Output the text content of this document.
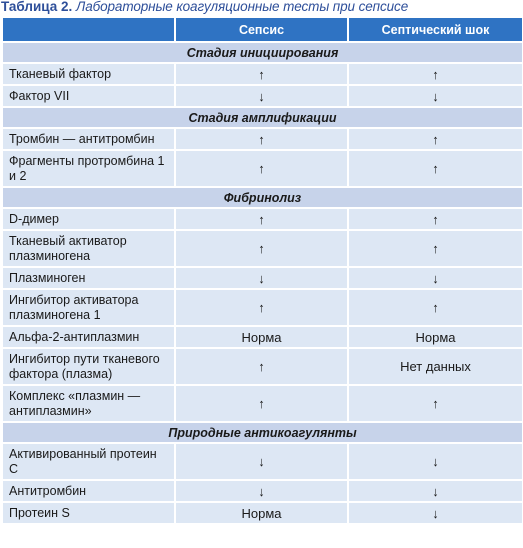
Таблица 2. Лабораторные коагуляционные тесты при сепсисе
	Сепсис	Септический шок
Стадия инициирования		
Тканевый фактор	↑	↑
Фактор VII	↓	↓
Стадия амплификации		
Тромбин — антитромбин	↑	↑
Фрагменты протромбина 1 и 2	↑	↑
Фибринолиз		
D-димер	↑	↑
Тканевый активатор плазминогена	↑	↑
Плазминоген	↓	↓
Ингибитор активатора плазминогена 1	↑	↑
Альфа-2-антиплазмин	Норма	Норма
Ингибитор пути тканевого фактора (плазма)	↑	Нет данных
Комплекс «плазмин — антиплазмин»	↑	↑
Природные антикоагулянты		
Активированный протеин С	↓	↓
Антитромбин	↓	↓
Протеин S	Норма	↓
